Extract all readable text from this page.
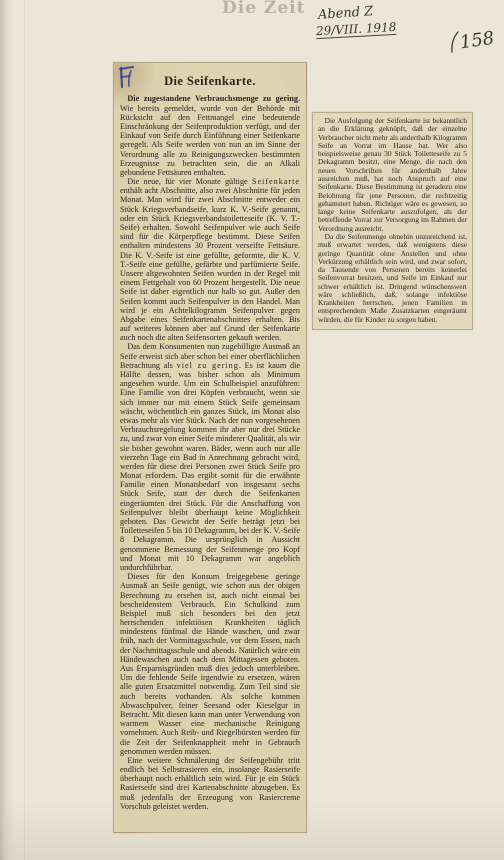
Die Zeit Abend Z
29/VIII. 1918	158
Die Seifenkarte.

Die zugestandene Verbrauchsmenge zu gering. Wie bereits gemeldet, wurde von der Behörde mit Rücksicht auf den Fettmangel eine bedeutende Einschränkung der Seifenproduktion verfügt, und der Einkauf von Seife durch Einführung einer Seifenkarte geregelt. Als Seife werden von nun an im Sinne der Verordnung alle zu Reinigungszwecken bestimmten Erzeugnisse zu betrachten sein, die an Alkali gebundene Fettsäuren enthalten.

Die neue, für vier Monate gültige Seifenkarte enthält acht Abschnitte, also zwei Abschnitte für jeden Monat. Man wird für zwei Abschnitte entweder ein Stück Kriegsverbandseife, kurz K. V.-Seife genannt, oder ein Stück Kriegsverbandstoiletteseife (K. V. T.-Seife) erhalten. Sowohl Seifenpulver wie auch Seife sind für die Körperpflege bestimmt. Diese Seifen enthalten mindestens 30 Prozent verseifte Fettsäure. Die K. V.-Seife ist eine gefüllte, geformte, die K. V. T.-Seife eine gefüllte, gefärbte und parfümierte Seife. Unsere altgewohnten Seifen wurden in der Regel mit einem Fettgehalt von 60 Prozent hergestellt. Die neue Seife ist daher eigentlich nur halb so gut. Außer den Seifen kommt auch Seifenpulver in den Handel. Man wird je ein Achtelkilogramm Seifenpulver gegen Abgabe eines Seifenkartenabschnittes erhalten. Bis auf weiteres können aber auf Grund der Seifenkarte auch noch die alten Seifensorten gekauft werden.

Das dem Konsumenten nun zugebilligte Ausmaß an Seife erweist sich aber schon bei einer oberflächlichen Betrachtung als viel zu gering. Es ist kaum die Hälfte dessen, was bisher schon als Minimum angesehen wurde. Um ein Schulbeispiel anzuführen: Eine Familie von drei Köpfen verbraucht, wenn sie sich immer nur mit einem Stück Seife gemeinsam wäscht, wöchentlich ein ganzes Stück, im Monat also etwas mehr als vier Stück. Nach der nun vorgesehenen Verbrauchsregelung kommen ihr aber nur drei Stücke zu, und zwar von einer Seife minderer Qualität, als wir sie bisher gewohnt waren. Bäder, wenn auch nur alle vierzehn Tage ein Bad in Anrechnung gebracht wird, werden für diese drei Personen zwei Stück Seife pro Monat erfordern. Das ergibt somit für die erwähnte Familie einen Monatsbedarf von insgesamt sechs Stück Seife, statt der durch die Seifenkarten eingeräumten drei Stück. Für die Anschaffung von Seifenpulver bleibt überhaupt keine Möglichkeit geboten. Das Gewicht der Seife beträgt jetzt bei Toiletteseifen 5 bis 10 Dekagramm, bei der K. V.-Seife 8 Dekagramm. Die ursprünglich in Aussicht genommene Bemessung der Seifenmenge pro Kopf und Monat mit 10 Dekagramm war angeblich undurchführbar.

Dieses für den Konsum freigegebene geringe Ausmaß an Seife genügt, wie schon aus der obigen Berechnung zu ersehen ist, auch nicht einmal bei bescheidenstem Verbrauch. Ein Schulkind zum Beispiel muß sich besonders bei den jetzt herrschenden infektiösen Krankheiten täglich mindestens fünfmal die Hände waschen, und zwar früh, nach der Vormittagsschule, vor dem Essen, nach der Nachmittagsschule und abends. Natürlich wäre ein Händewaschen auch nach dem Mittagessen geboten. Aus Ersparnisgründen muß dies jedoch unterbleiben. Um die fehlende Seife irgendwie zu ersetzen, wären alle guten Ersatzmittel notwendig. Zum Teil sind sie auch bereits vorhanden. Als solche kommen Abwaschpulver, feiner Seesand oder Kieselgur in Betracht. Mit diesen kann man unter Verwendung von warmem Wasser eine mechanische Reinigung vornehmen. Auch Reib- und Riegelbürsten werden für die Zeit der Seifenknappheit mehr in Gebrauch genommen werden müssen.

Eine weitere Schmälerung der Seifengebühr tritt endlich bei Selbstrasieren ein, insolange Rasierseife überhaupt noch erhältlich sein wird. Für je ein Stück Rasierseife sind drei Kartenabschnitte abzugeben. Es muß jedenfalls der Erzeugung von Rasiercreme Vorschub geleistet werden.

Die Ausfolgung der Seifenkarte ist bekanntlich an die Erklärung geknüpft, daß der einzelne Verbraucher nicht mehr als anderthalb Kilogramm Seife an Vorrat im Hause hat. Wer also beispielsweise genau 30 Stück Toiletteseife zu 5 Dekagramm besitzt, eine Menge, die nach den neuen Vorschriften für anderthalb Jahre ausreichen muß, hat noch Anspruch auf eine Seifenkarte. Diese Bestimmung ist geradezu eine Belohnung für jene Personen, die rechtzeitig gehamstert haben. Richtiger wäre es gewesen, so lange keine Seifenkarte auszufolgen, als der betreffende Vorrat zur Versorgung im Rahmen der Verordnung ausreicht.

Da die Seifenmenge ohnehin unzureichend ist, muß erwartet werden, daß wenigstens diese geringe Quantität ohne Anstellen und ohne Verkürzung erhältlich sein wird, und zwar sofort, da Tausende von Personen bereits keinerlei Seifenvorrat besitzen, und Seife im Einkauf nur schwer erhältlich ist. Dringend wünschenswert wäre schließlich, daß, solange infektiöse Krankheiten herrschen, jenen Familien in entsprechendem Maße Zusatzkarten eingeräumt würden, die für Kinder zu sorgen haben.
